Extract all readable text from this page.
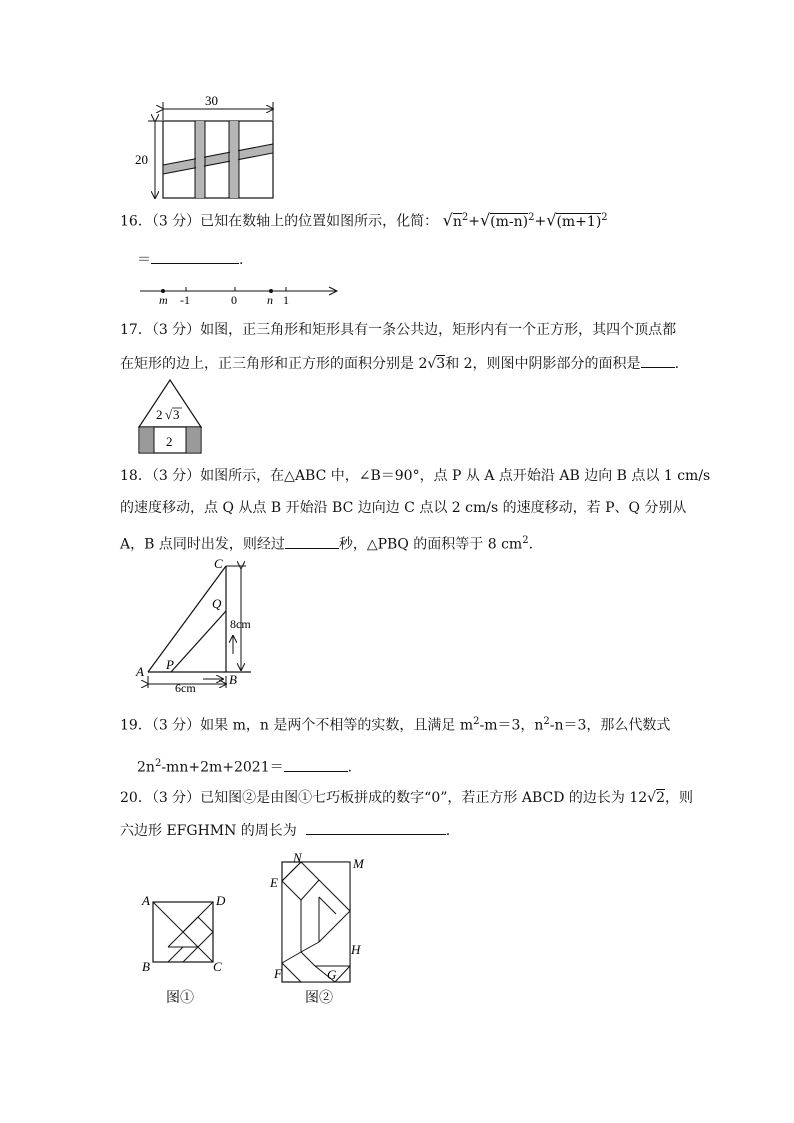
30
20
16．（3 分）已知在数轴上的位置如图所示，化简： $√n^2+√(m-n)^2+√(m+1)^2$
＝	.
m -1	0	n 1
17．（3 分）如图，正三角形和矩形具有一条公共边，矩形内有一个正方形，其四个顶点都
在矩形的边上，正三角形和正方形的面积分别是 2√3和 2，则图中阴影部分的面积是 .
2 √ 3
2
18．（3 分）如图所示，在△ABC 中，∠B＝90°，点 P 从 A 点开始沿 AB 边向 B 点以 1 cm/s
的速度移动，点 Q 从点 B 开始沿 BC 边向边 C 点以 2 cm/s 的速度移动，若 P、Q 分别从
A，B 点同时出发，则经过	秒，△PBQ 的面积等于 8 $cm^2$.
C
Q
8cm
A P
B
6cm
19．（3 分）如果 m，n 是两个不相等的实数，且满足 $m^2-m=3$，$n^2-n=3$，那么代数式
$2n^2-mn+2m+2021=$	.
20．（3 分）已知图②是由图①七巧板拼成的数字“0”，若正方形 ABCD 的边长为 12√2，则
六边形 EFGHMN 的周长为	.
A	D
B	C
图①
N	M
E
H
F	G
图②
